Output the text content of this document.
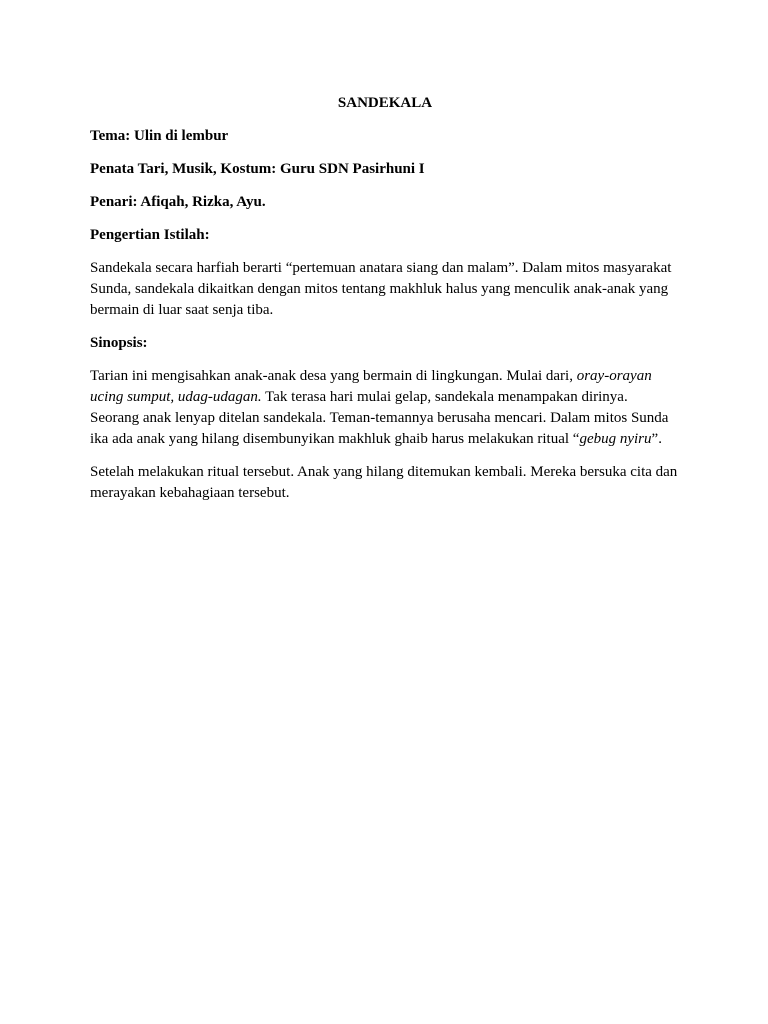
SANDEKALA

Tema: Ulin di lembur

Penata Tari, Musik, Kostum: Guru SDN Pasirhuni I

Penari: Afiqah, Rizka, Ayu.

Pengertian Istilah:

Sandekala secara harfiah berarti “pertemuan anatara siang dan malam”. Dalam mitos masyarakat Sunda, sandekala dikaitkan dengan mitos tentang makhluk halus yang menculik anak-anak yang bermain di luar saat senja tiba.

Sinopsis:

Tarian ini mengisahkan anak-anak desa yang bermain di lingkungan. Mulai dari, oray-orayan ucing sumput, udag-udagan. Tak terasa hari mulai gelap, sandekala menampakan dirinya. Seorang anak lenyap ditelan sandekala. Teman-temannya berusaha mencari. Dalam mitos Sunda ika ada anak yang hilang disembunyikan makhluk ghaib harus melakukan ritual “gebug nyiru”.

Setelah melakukan ritual tersebut. Anak yang hilang ditemukan kembali. Mereka bersuka cita dan merayakan kebahagiaan tersebut.
